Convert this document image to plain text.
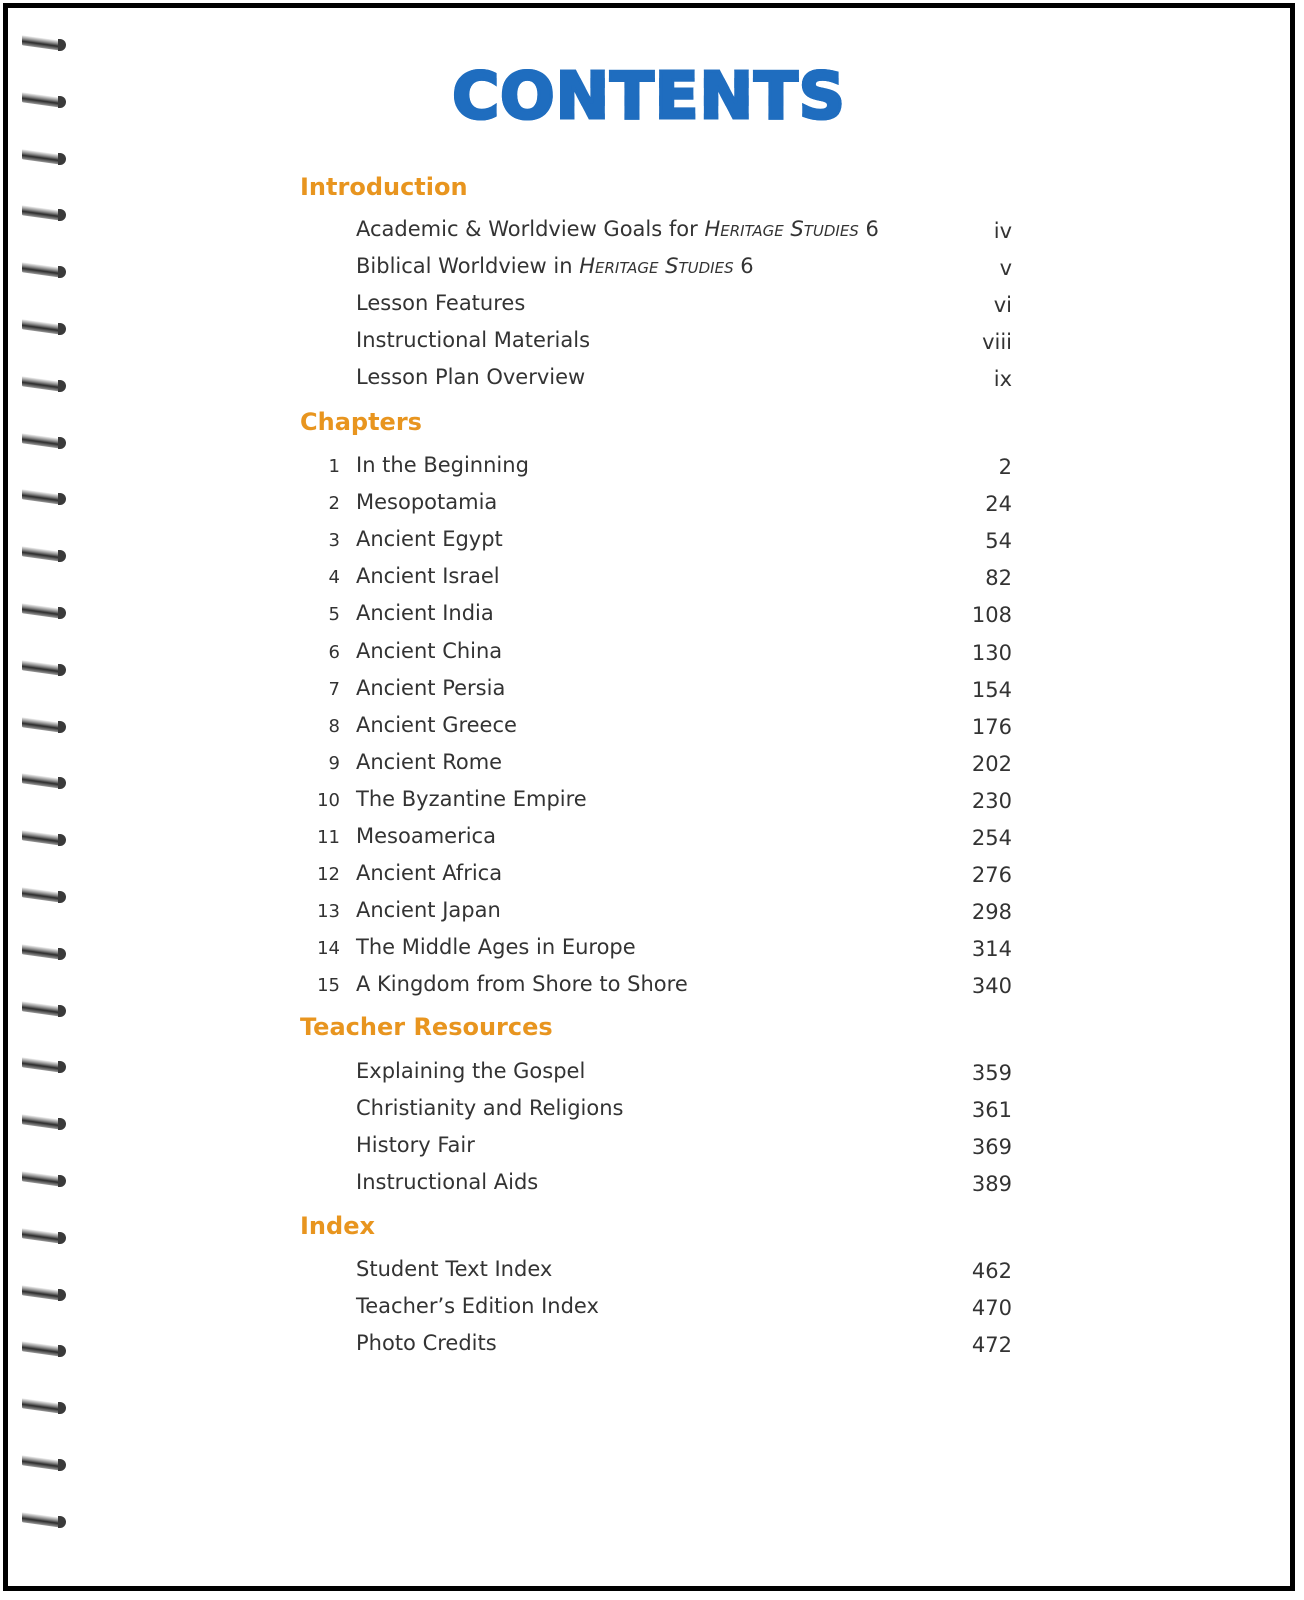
CONTENTS
Introduction
Academic & Worldview Goals for Heritage Studies 6	iv
Biblical Worldview in Heritage Studies 6	v
Lesson Features	vi
Instructional Materials	viii
Lesson Plan Overview	ix
Chapters
1 In the Beginning	2
2 Mesopotamia	24
3 Ancient Egypt	54
4 Ancient Israel	82
5 Ancient India	108
6 Ancient China	130
7 Ancient Persia	154
8 Ancient Greece	176
9 Ancient Rome	202
10 The Byzantine Empire	230
11 Mesoamerica	254
12 Ancient Africa	276
13 Ancient Japan	298
14 The Middle Ages in Europe	314
15 A Kingdom from Shore to Shore	340
Teacher Resources
Explaining the Gospel	359
Christianity and Religions	361
History Fair	369
Instructional Aids	389
Index
Student Text Index	462
Teacher’s Edition Index	470
Photo Credits	472
